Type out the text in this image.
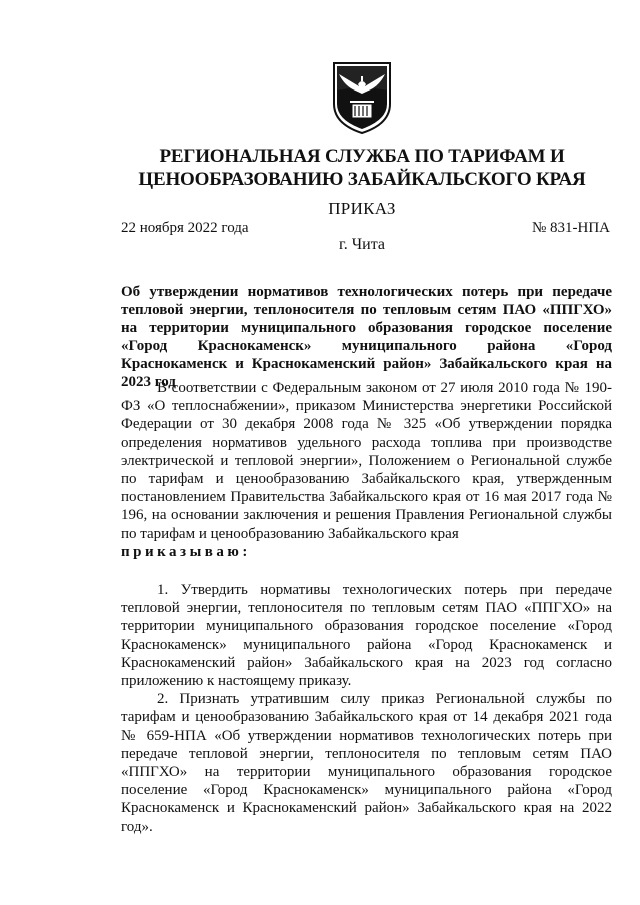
РЕГИОНАЛЬНАЯ СЛУЖБА ПО ТАРИФАМ И
ЦЕНООБРАЗОВАНИЮ ЗАБАЙКАЛЬСКОГО КРАЯ
ПРИКАЗ
22 ноября 2022 года	№ 831-НПА
г. Чита
Об утверждении нормативов технологических потерь при передаче тепловой энергии, теплоносителя по тепловым сетям ПАО «ППГХО» на территории муниципального образования городское поселение «Город Краснокаменск» муниципального района «Город Краснокаменск и Краснокаменский район» Забайкальского края на 2023 год

В соответствии с Федеральным законом от 27 июля 2010 года № 190-ФЗ «О теплоснабжении», приказом Министерства энергетики Российской Федерации от 30 декабря 2008 года № 325 «Об утверждении порядка определения нормативов удельного расхода топлива при производстве электрической и тепловой энергии», Положением о Региональной службе по тарифам и ценообразованию Забайкальского края, утвержденным постановлением Правительства Забайкальского края от 16 мая 2017 года № 196, на основании заключения и решения Правления Региональной службы по тарифам и ценообразованию Забайкальского края

приказываю:

1. Утвердить нормативы технологических потерь при передаче тепловой энергии, теплоносителя по тепловым сетям ПАО «ППГХО» на территории муниципального образования городское поселение «Город Краснокаменск» муниципального района «Город Краснокаменск и Краснокаменский район» Забайкальского края на 2023 год согласно приложению к настоящему приказу.

2. Признать утратившим силу приказ Региональной службы по тарифам и ценообразованию Забайкальского края от 14 декабря 2021 года № 659-НПА «Об утверждении нормативов технологических потерь при передаче тепловой энергии, теплоносителя по тепловым сетям ПАО «ППГХО» на территории муниципального образования городское поселение «Город Краснокаменск» муниципального района «Город Краснокаменск и Краснокаменский район» Забайкальского края на 2022 год».
